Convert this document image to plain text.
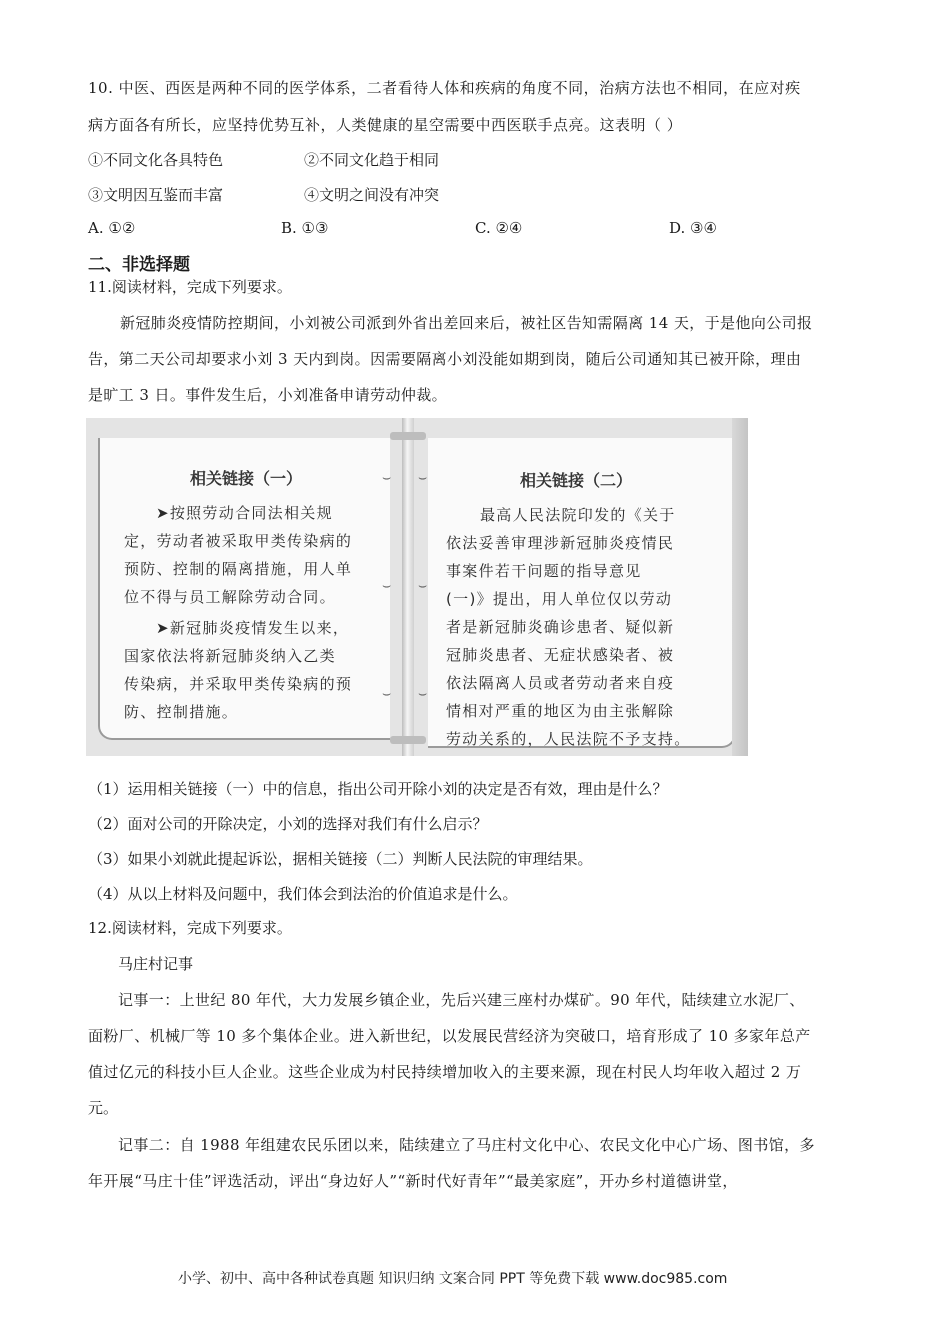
10. 中医、西医是两种不同的医学体系，二者看待人体和疾病的角度不同，治病方法也不相同，在应对疾
病方面各有所长，应坚持优势互补，人类健康的星空需要中西医联手点亮。这表明（ ）
①不同文化各具特色	②不同文化趋于相同
③文明因互鉴而丰富	④文明之间没有冲突
A. ①②	B. ①③	C. ②④	D. ③④
二、非选择题
11.阅读材料，完成下列要求。
新冠肺炎疫情防控期间，小刘被公司派到外省出差回来后，被社区告知需隔离 14 天，于是他向公司报
告，第二天公司却要求小刘 3 天内到岗。因需要隔离小刘没能如期到岗，随后公司通知其已被开除，理由
是旷工 3 日。事件发生后，小刘准备申请劳动仲裁。
相关链接（一）
➤按照劳动合同法相关规
定，劳动者被采取甲类传染病的
预防、控制的隔离措施，用人单
位不得与员工解除劳动合同。
➤新冠肺炎疫情发生以来，
国家依法将新冠肺炎纳入乙类
传染病，并采取甲类传染病的预
防、控制措施。
⌣
⌣
⌣
⌣
⌣
⌣
相关链接（二）
最高人民法院印发的《关于
依法妥善审理涉新冠肺炎疫情民
事案件若干问题的指导意见
(一)》提出，用人单位仅以劳动
者是新冠肺炎确诊患者、疑似新
冠肺炎患者、无症状感染者、被
依法隔离人员或者劳动者来自疫
情相对严重的地区为由主张解除
劳动关系的，人民法院不予支持。
（1）运用相关链接（一）中的信息，指出公司开除小刘的决定是否有效，理由是什么？
（2）面对公司的开除决定，小刘的选择对我们有什么启示？
（3）如果小刘就此提起诉讼，据相关链接（二）判断人民法院的审理结果。
（4）从以上材料及问题中，我们体会到法治的价值追求是什么。
12.阅读材料，完成下列要求。
马庄村记事
记事一：上世纪 80 年代，大力发展乡镇企业，先后兴建三座村办煤矿。90 年代，陆续建立水泥厂、
面粉厂、机械厂等 10 多个集体企业。进入新世纪，以发展民营经济为突破口，培育形成了 10 多家年总产
值过亿元的科技小巨人企业。这些企业成为村民持续增加收入的主要来源，现在村民人均年收入超过 2 万
元。
记事二：自 1988 年组建农民乐团以来，陆续建立了马庄村文化中心、农民文化中心广场、图书馆，多
年开展“马庄十佳”评选活动，评出“身边好人”“新时代好青年”“最美家庭”，开办乡村道德讲堂，
小学、初中、高中各种试卷真题 知识归纳 文案合同 PPT 等免费下载 www.doc985.com
